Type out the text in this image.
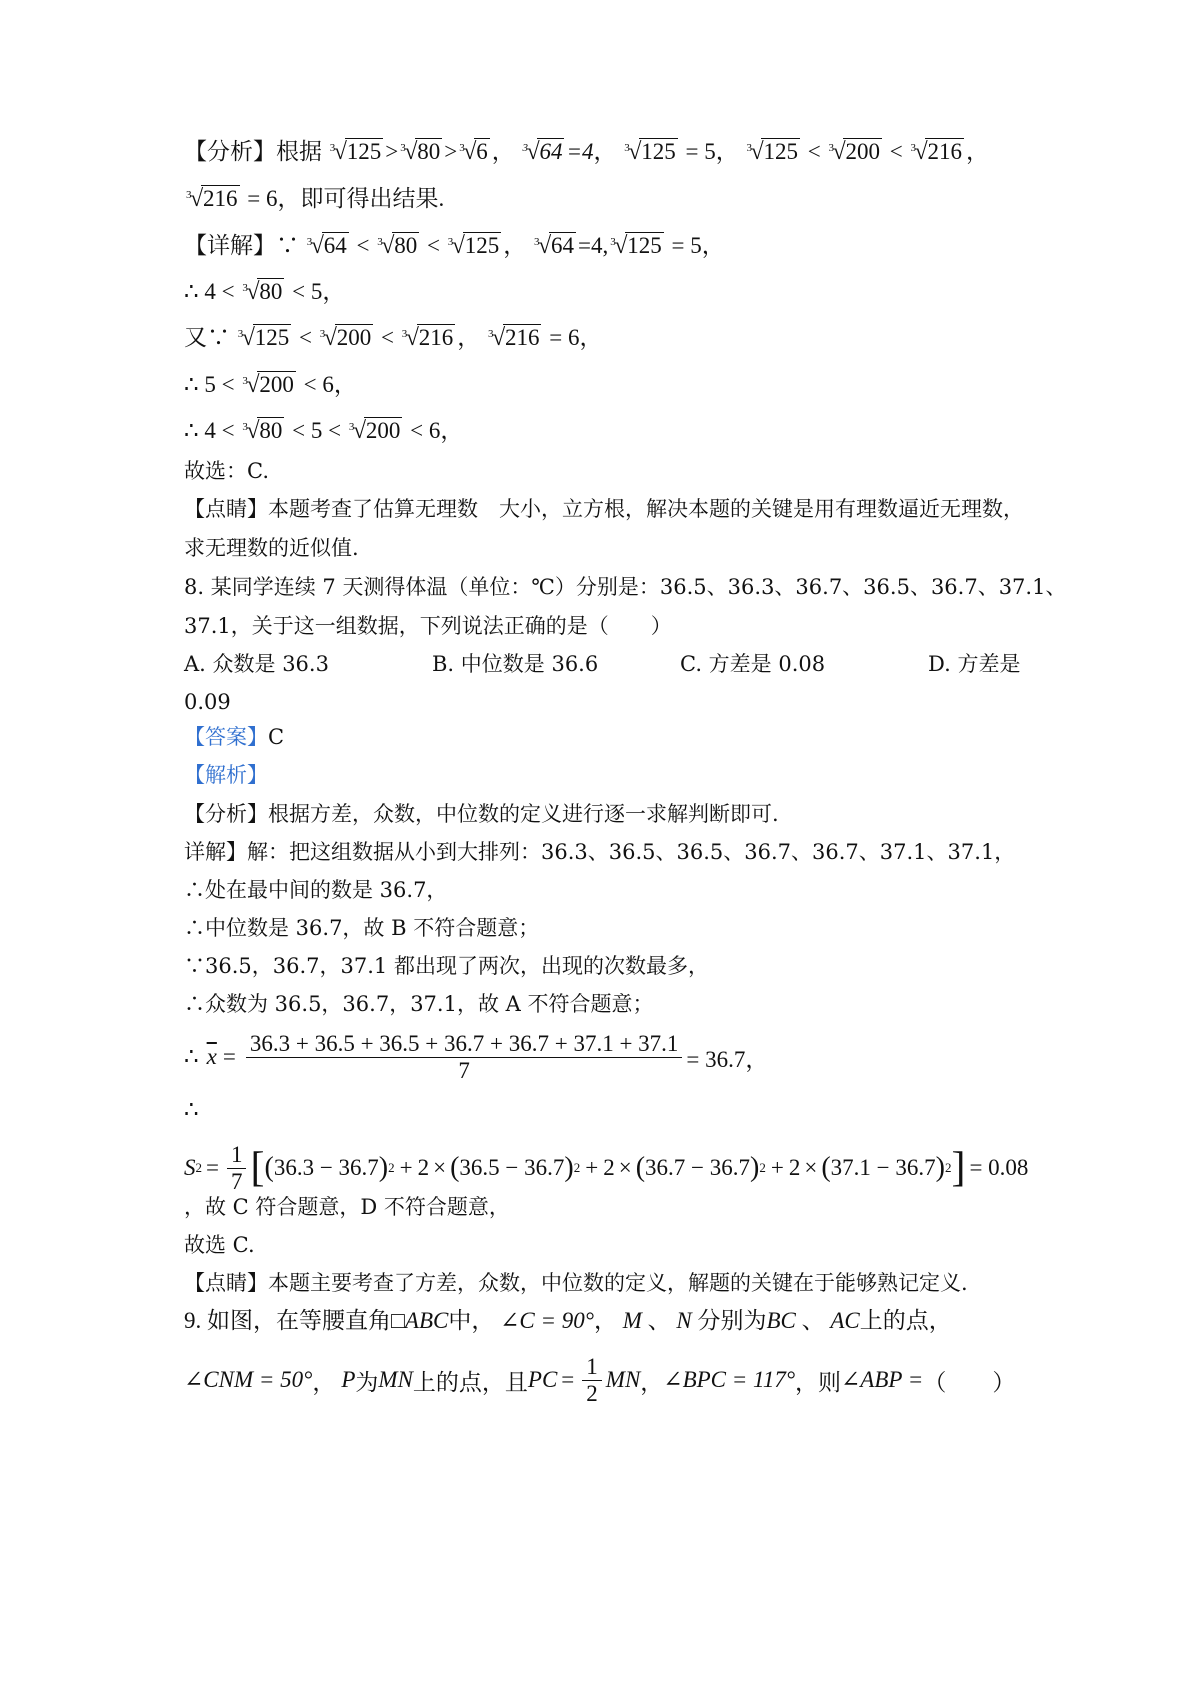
【分析】根据 3
√ 125 > 3
√ 80 > 3
√ 6 ， 3
√ 64 =4， 3
√ 125 = 5， 3
√ 125 < 3
√ 200 < 3
√ 216 ，
3
√ 216 = 6，即可得出结果.
【详解】∵ 3
√ 64 < 3
√ 80 < 3
√ 125 ， 3
√ 64 =4, 3
√ 125 = 5，
∴ 4 < 3
√ 80 < 5，
又∵ 3
√ 125 < 3
√ 200 < 3
√ 216 ， 3
√ 216 = 6，
∴ 5 < 3
√ 200 < 6，
∴ 4 < 3
√ 80 < 5 < 3
√ 200 < 6，
故选：C.
【点睛】本题考查了估算无理数　大小，立方根，解决本题的关键是用有理数逼近无理数，
求无理数的近似值.
8. 某同学连续 7 天测得体温（单位：℃）分别是：36.5、36.3、36.7、36.5、36.7、37.1、
37.1，关于这一组数据，下列说法正确的是（　　）
A. 众数是 36.3	B. 中位数是 36.6	C. 方差是 0.08	D. 方差是
0.09
【答案】C
【解析】
【分析】根据方差，众数，中位数的定义进行逐一求解判断即可.
详解】解：把这组数据从小到大排列：36.3、36.5、36.5、36.7、36.7、37.1、37.1，
∴处在最中间的数是 36.7，
∴中位数是 36.7，故 B 不符合题意；
∵36.5，36.7，37.1 都出现了两次，出现的次数最多，
∴众数为 36.5，36.7，37.1，故 A 不符合题意；
∴ $\overline{x} = \frac{36.3 + 36.5 + 36.5 + 36.7 + 36.7 + 37.1 + 37.1}{7} = 36.7$，
∴
S $2 = \frac{1}{7}$ [ ( 36.3 − 36.7 ) 2 + 2 × ( 36.5 − 36.7 ) 2 + 2 × ( 36.7 − 36.7 ) 2 + 2 × ( 37.1 − 36.7 ) 2 ] = 0.08
，故 C 符合题意，D 不符合题意，
故选 C.
【点睛】本题主要考查了方差，众数，中位数的定义，解题的关键在于能够熟记定义.
9. 如图，在等腰直角□ABC中， ∠C = 90°， M 、 N 分别为BC 、 AC上的点，
∠ CNM = 50° ， P 为 MN 上的点，且 PC = $\frac{1}{2}$ MN ， ∠ BPC = 117° ，则 ∠ ABP = （　　）
